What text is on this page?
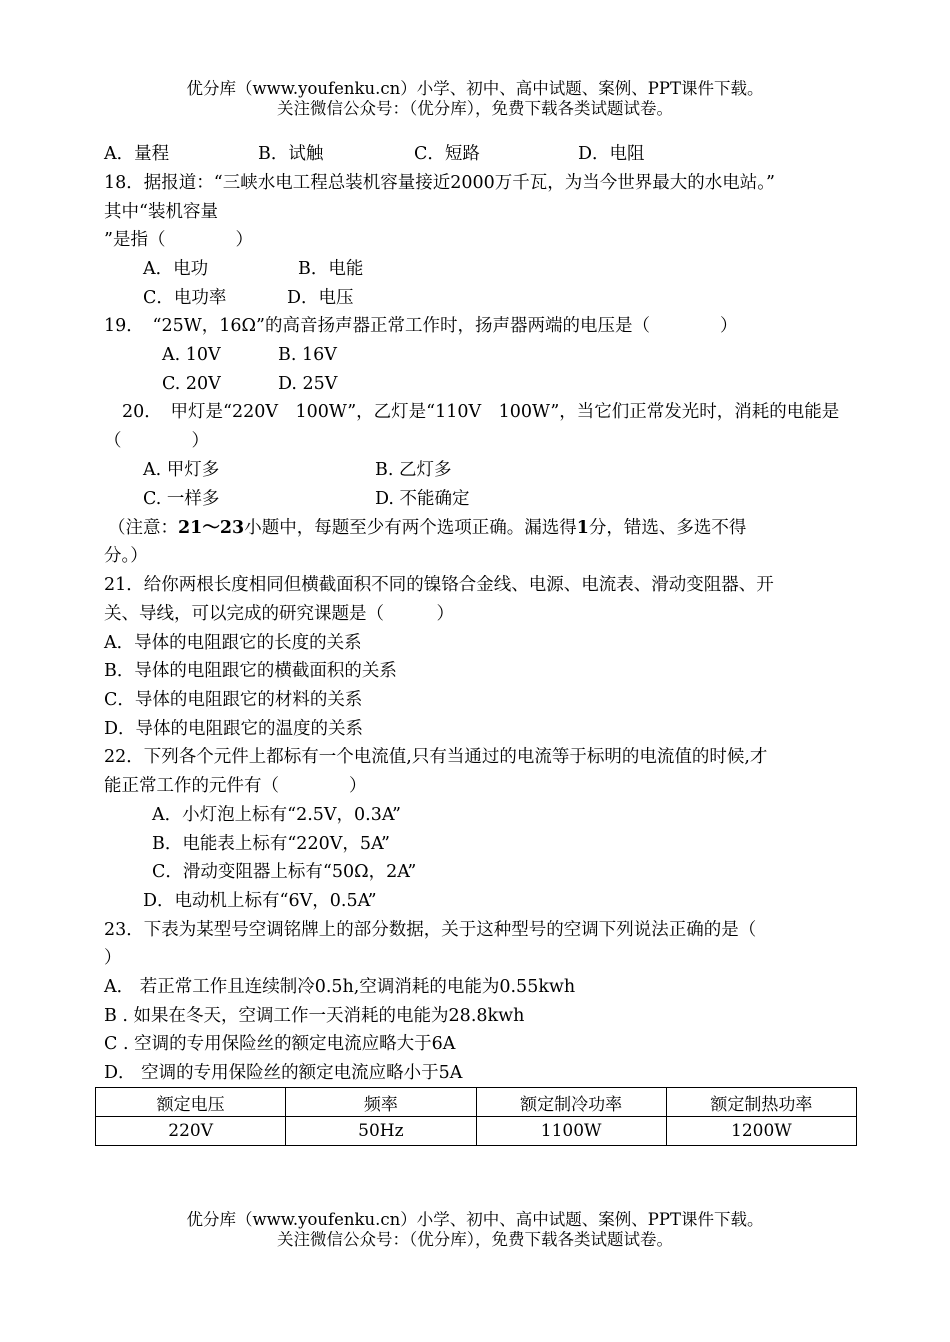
优分库（www.youfenku.cn）小学、初中、高中试题、案例、PPT课件下载。
关注微信公众号：（优分库），免费下载各类试题试卷。
A．量程	B．试触	C．短路	D．电阻
18．据报道：“三峡水电工程总装机容量接近2000万千瓦，为当今世界最大的水电站。”
其中“装机容量
”是指（　　　　）
A．电功	B．电能
C．电功率	D．电压
19．　“25W，16Ω”的高音扬声器正常工作时，扬声器两端的电压是（　　　　）
A. 10V	B. 16V
C. 20V	D. 25V
20．　甲灯是“220V　100W”，乙灯是“110V　100W”，当它们正常发光时，消耗的电能是
（　　　　）
A. 甲灯多	B. 乙灯多
C. 一样多	D. 不能确定
（注意：21～23小题中，每题至少有两个选项正确。漏选得1分，错选、多选不得
分。）
21．给你两根长度相同但横截面积不同的镍铬合金线、电源、电流表、滑动变阻器、开
关、导线，可以完成的研究课题是（　　　）
A．导体的电阻跟它的长度的关系
B．导体的电阻跟它的横截面积的关系
C．导体的电阻跟它的材料的关系
D．导体的电阻跟它的温度的关系
22．下列各个元件上都标有一个电流值,只有当通过的电流等于标明的电流值的时候,才
能正常工作的元件有（　　　　）
A．小灯泡上标有“2.5V，0.3A”
B．电能表上标有“220V，5A”
C．滑动变阻器上标有“50Ω，2A”
D．电动机上标有“6V，0.5A”
23．下表为某型号空调铭牌上的部分数据，关于这种型号的空调下列说法正确的是（
）
A． 若正常工作且连续制冷0.5h,空调消耗的电能为0.55kwh
B . 如果在冬天，空调工作一天消耗的电能为28.8kwh
C . 空调的专用保险丝的额定电流应略大于6A
D． 空调的专用保险丝的额定电流应略小于5A
额定电压	频率	额定制冷功率	额定制热功率
220V	50Hz	1100W	1200W
优分库（www.youfenku.cn）小学、初中、高中试题、案例、PPT课件下载。
关注微信公众号：（优分库），免费下载各类试题试卷。
